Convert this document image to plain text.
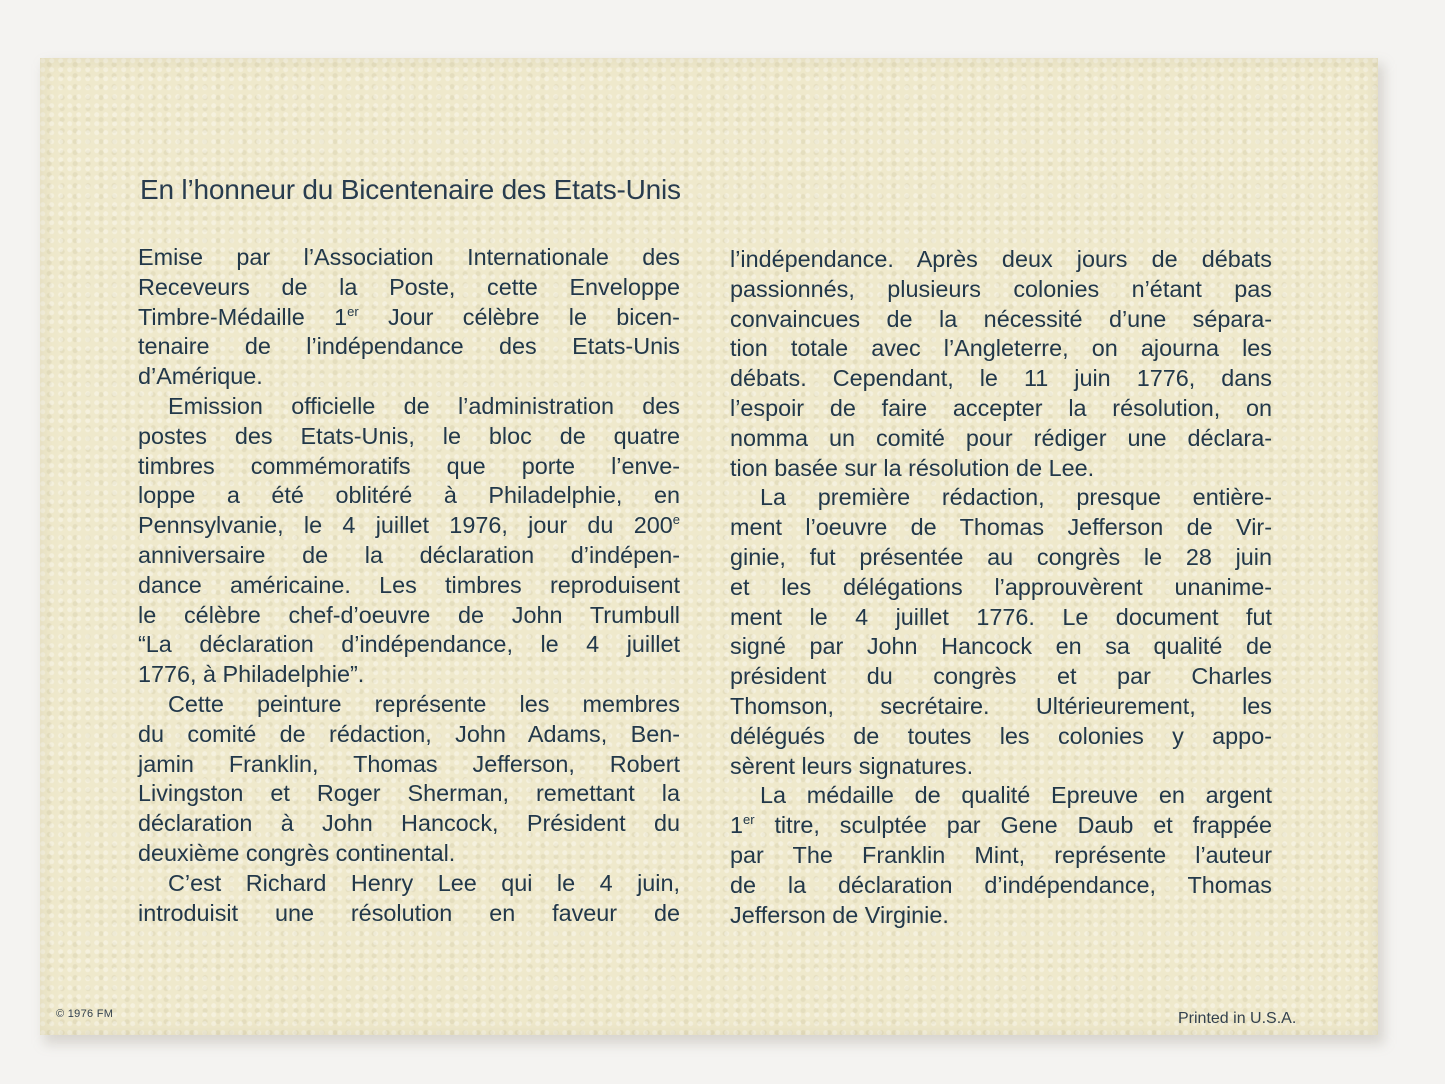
En l’honneur du Bicentenaire des Etats-Unis
Emise par l’Association Internationale des
Receveurs de la Poste, cette Enveloppe
Timbre-Médaille 1er Jour célèbre le bicen-
tenaire de l’indépendance des Etats-Unis
d’Amérique.
Emission officielle de l’administration des
postes des Etats-Unis, le bloc de quatre
timbres commémoratifs que porte l’enve-
loppe a été oblitéré à Philadelphie, en
Pennsylvanie, le 4 juillet 1976, jour du 200e
anniversaire de la déclaration d’indépen-
dance américaine. Les timbres reproduisent
le célèbre chef-d’oeuvre de John Trumbull
“La déclaration d’indépendance, le 4 juillet
1776, à Philadelphie”.
Cette peinture représente les membres
du comité de rédaction, John Adams, Ben-
jamin Franklin, Thomas Jefferson, Robert
Livingston et Roger Sherman, remettant la
déclaration à John Hancock, Président du
deuxième congrès continental.
C’est Richard Henry Lee qui le 4 juin,
introduisit une résolution en faveur de
l’indépendance. Après deux jours de débats
passionnés, plusieurs colonies n’étant pas
convaincues de la nécessité d’une sépara-
tion totale avec l’Angleterre, on ajourna les
débats. Cependant, le 11 juin 1776, dans
l’espoir de faire accepter la résolution, on
nomma un comité pour rédiger une déclara-
tion basée sur la résolution de Lee.
La première rédaction, presque entière-
ment l’oeuvre de Thomas Jefferson de Vir-
ginie, fut présentée au congrès le 28 juin
et les délégations l’approuvèrent unanime-
ment le 4 juillet 1776. Le document fut
signé par John Hancock en sa qualité de
président du congrès et par Charles
Thomson, secrétaire. Ultérieurement, les
délégués de toutes les colonies y appo-
sèrent leurs signatures.
La médaille de qualité Epreuve en argent
1er titre, sculptée par Gene Daub et frappée
par The Franklin Mint, représente l’auteur
de la déclaration d’indépendance, Thomas
Jefferson de Virginie.
© 1976 FM	Printed in U.S.A.
